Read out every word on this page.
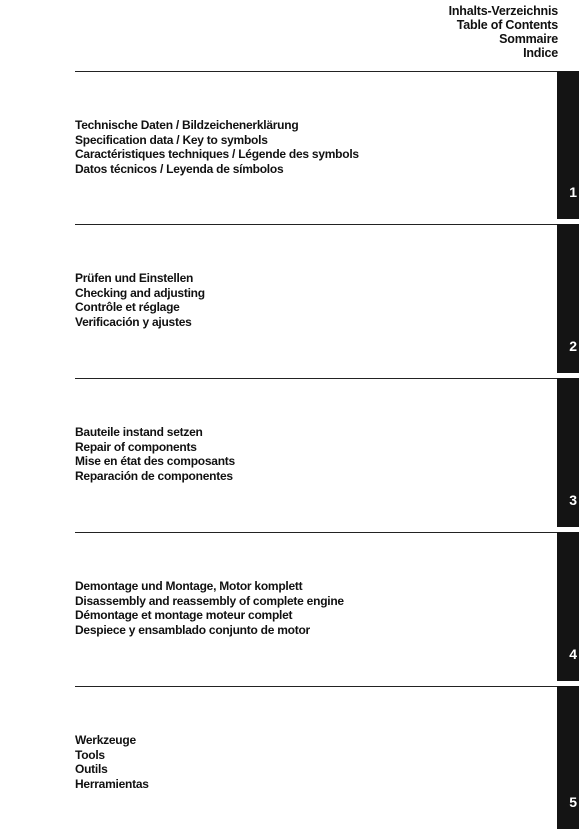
Inhalts-Verzeichnis
Table of Contents
Sommaire
Indice
1
Technische Daten / Bildzeichenerklärung
Specification data / Key to symbols
Caractéristiques techniques / Légende des symbols
Datos técnicos / Leyenda de símbolos
2
Prüfen und Einstellen
Checking and adjusting
Contrôle et réglage
Verificación y ajustes
3
Bauteile instand setzen
Repair of components
Mise en état des composants
Reparación de componentes
4
Demontage und Montage, Motor komplett
Disassembly and reassembly of complete engine
Démontage et montage moteur complet
Despiece y ensamblado conjunto de motor
5
Werkzeuge
Tools
Outils
Herramientas
